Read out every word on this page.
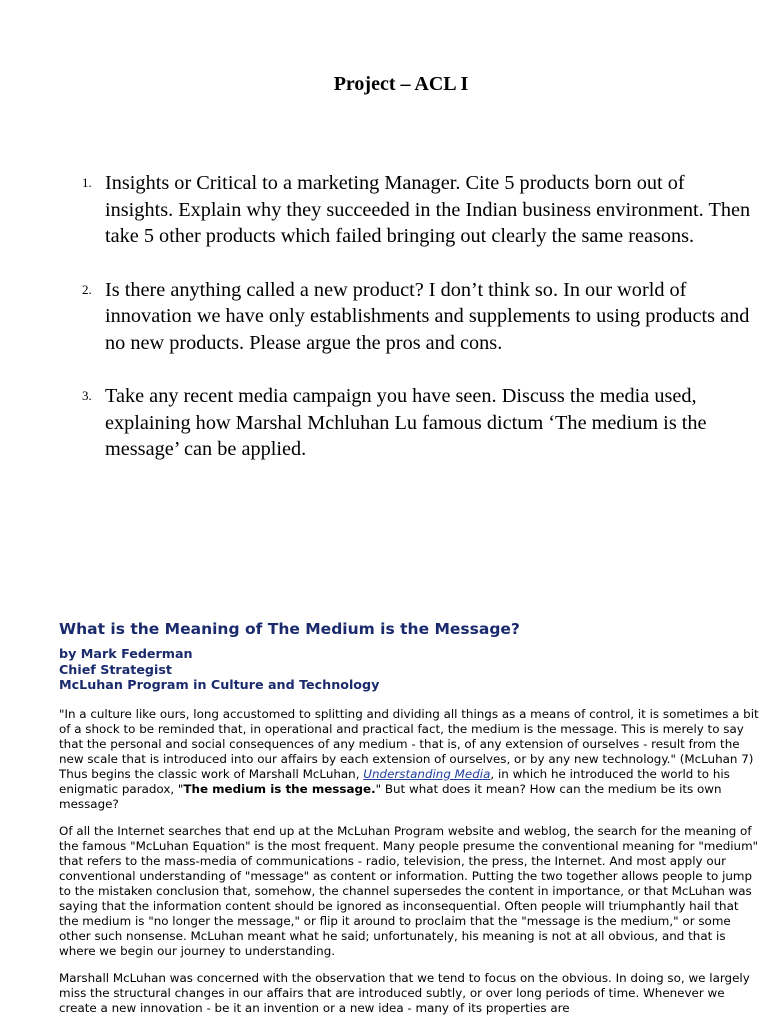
Project – ACL I
1. Insights or Critical to a marketing Manager. Cite 5 products born out of insights. Explain why they succeeded in the Indian business environment. Then take 5 other products which failed bringing out clearly the same reasons.
2. Is there anything called a new product? I don’t think so. In our world of innovation we have only establishments and supplements to using products and no new products. Please argue the pros and cons.
3. Take any recent media campaign you have seen. Discuss the media used, explaining how Marshal Mchluhan Lu famous dictum ‘The medium is the message’ can be applied.
What is the Meaning of The Medium is the Message?
by Mark Federman
Chief Strategist
McLuhan Program in Culture and Technology

"In a culture like ours, long accustomed to splitting and dividing all things as a means of control, it is sometimes a bit of a shock to be reminded that, in operational and practical fact, the medium is the message. This is merely to say that the personal and social consequences of any medium - that is, of any extension of ourselves - result from the new scale that is introduced into our affairs by each extension of ourselves, or by any new technology." (McLuhan 7) Thus begins the classic work of Marshall McLuhan, Understanding Media, in which he introduced the world to his enigmatic paradox, "The medium is the message." But what does it mean? How can the medium be its own message?

Of all the Internet searches that end up at the McLuhan Program website and weblog, the search for the meaning of the famous "McLuhan Equation" is the most frequent. Many people presume the conventional meaning for "medium" that refers to the mass-media of communications - radio, television, the press, the Internet. And most apply our conventional understanding of "message" as content or information. Putting the two together allows people to jump to the mistaken conclusion that, somehow, the channel supersedes the content in importance, or that McLuhan was saying that the information content should be ignored as inconsequential. Often people will triumphantly hail that the medium is "no longer the message," or flip it around to proclaim that the "message is the medium," or some other such nonsense. McLuhan meant what he said; unfortunately, his meaning is not at all obvious, and that is where we begin our journey to understanding.

Marshall McLuhan was concerned with the observation that we tend to focus on the obvious. In doing so, we largely miss the structural changes in our affairs that are introduced subtly, or over long periods of time. Whenever we create a new innovation - be it an invention or a new idea - many of its properties are
